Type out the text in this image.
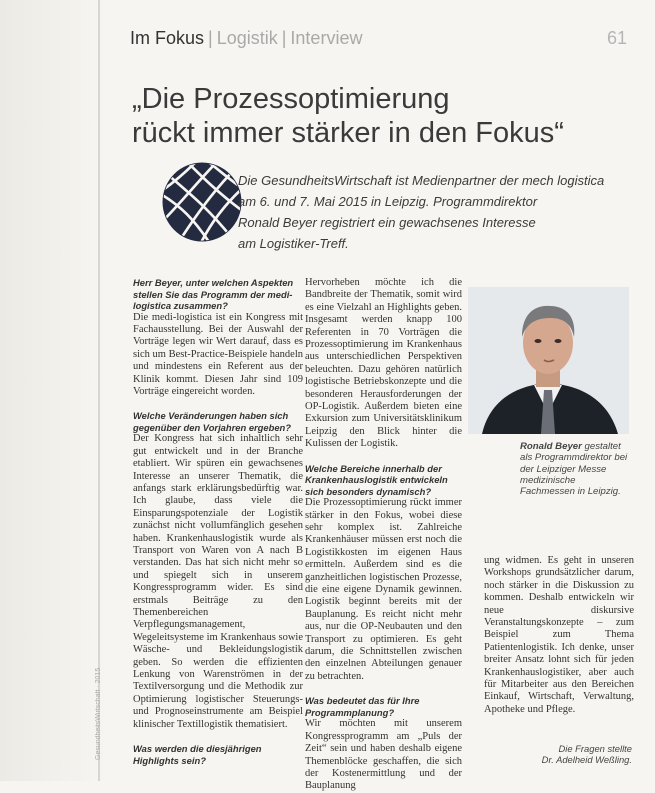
GesundheitsWirtschaft · 2015
Im Fokus | Logistik | Interview	61
„Die Prozessoptimierung
rückt immer stärker in den Fokus“
Die GesundheitsWirtschaft ist Medienpartner der mech logistica
am 6. und 7. Mai 2015 in Leipzig. Programmdirektor
Ronald Beyer registriert ein gewachsenes Interesse
am Logistiker-Treff.

Herr Beyer, unter welchen Aspekten stellen Sie das Programm der medi-logistica zusammen?

Die medi-logistica ist ein Kongress mit Fachausstellung. Bei der Auswahl der Vorträge legen wir Wert darauf, dass es sich um Best-Practice-Beispiele handeln und mindestens ein Referent aus der Klinik kommt. Diesen Jahr sind 109 Vorträge eingereicht worden.

Welche Veränderungen haben sich gegenüber den Vorjahren ergeben?

Der Kongress hat sich inhaltlich sehr gut entwickelt und in der Branche etabliert. Wir spüren ein gewachsenes Interesse an unserer Thematik, die anfangs stark erklärungsbedürftig war. Ich glaube, dass viele die Einsparungspotenziale der Logistik zunächst nicht vollumfänglich gesehen haben. Krankenhauslogistik wurde als Transport von Waren von A nach B verstanden. Das hat sich nicht mehr so und spiegelt sich in unserem Kongressprogramm wider. Es sind erstmals Beiträge zu den Themenbereichen Verpflegungsmanagement, Wegeleitsysteme im Krankenhaus sowie Wäsche- und Bekleidungslogistik geben. So werden die effizienten Lenkung von Warenströmen in der Textilversorgung und die Methodik zur Optimierung logistischer Steuerungs- und Prognoseinstrumente am Beispiel klinischer Textillogistik thematisiert.

Was werden die diesjährigen Highlights sein?

Hervorheben möchte ich die Bandbreite der Thematik, somit wird es eine Vielzahl an Highlights geben. Insgesamt werden knapp 100 Referenten in 70 Vorträgen die Prozessoptimierung im Krankenhaus aus unterschiedlichen Perspektiven beleuchten. Dazu gehören natürlich logistische Betriebskonzepte und die besonderen Herausforderungen der OP-Logistik. Außerdem bieten eine Exkursion zum Universitätsklinikum Leipzig den Blick hinter die Kulissen der Logistik.

Welche Bereiche innerhalb der Krankenhauslogistik entwickeln sich besonders dynamisch?

Die Prozessoptimierung rückt immer stärker in den Fokus, wobei diese sehr komplex ist. Zahlreiche Krankenhäuser müssen erst noch die Logistikkosten im eigenen Haus ermitteln. Außerdem sind es die ganzheitlichen logistischen Prozesse, die eine eigene Dynamik gewinnen. Logistik beginnt bereits mit der Bauplanung. Es reicht nicht mehr aus, nur die OP-Neubauten und den Transport zu optimieren. Es geht darum, die Schnittstellen zwischen den einzelnen Abteilungen genauer zu betrachten.

Was bedeutet das für Ihre Programmplanung?

Wir möchten mit unserem Kongressprogramm am „Puls der Zeit“ sein und haben deshalb eigene Themenblöcke geschaffen, die sich der Kostenermittlung und der Bauplanung

Ronald Beyer gestaltet als Programmdirektor bei der Leipziger Messe medizinische Fachmessen in Leipzig.

ung widmen. Es geht in unseren Workshops grundsätzlicher darum, noch stärker in die Diskussion zu kommen. Deshalb entwickeln wir neue diskursive Veranstaltungskonzepte – zum Beispiel zum Thema Patientenlogistik. Ich denke, unser breiter Ansatz lohnt sich für jeden Krankenhauslogistiker, aber auch für Mitarbeiter aus den Bereichen Einkauf, Wirtschaft, Verwaltung, Apotheke und Pflege.

Die Fragen stellte
Dr. Adelheid Weßling.
